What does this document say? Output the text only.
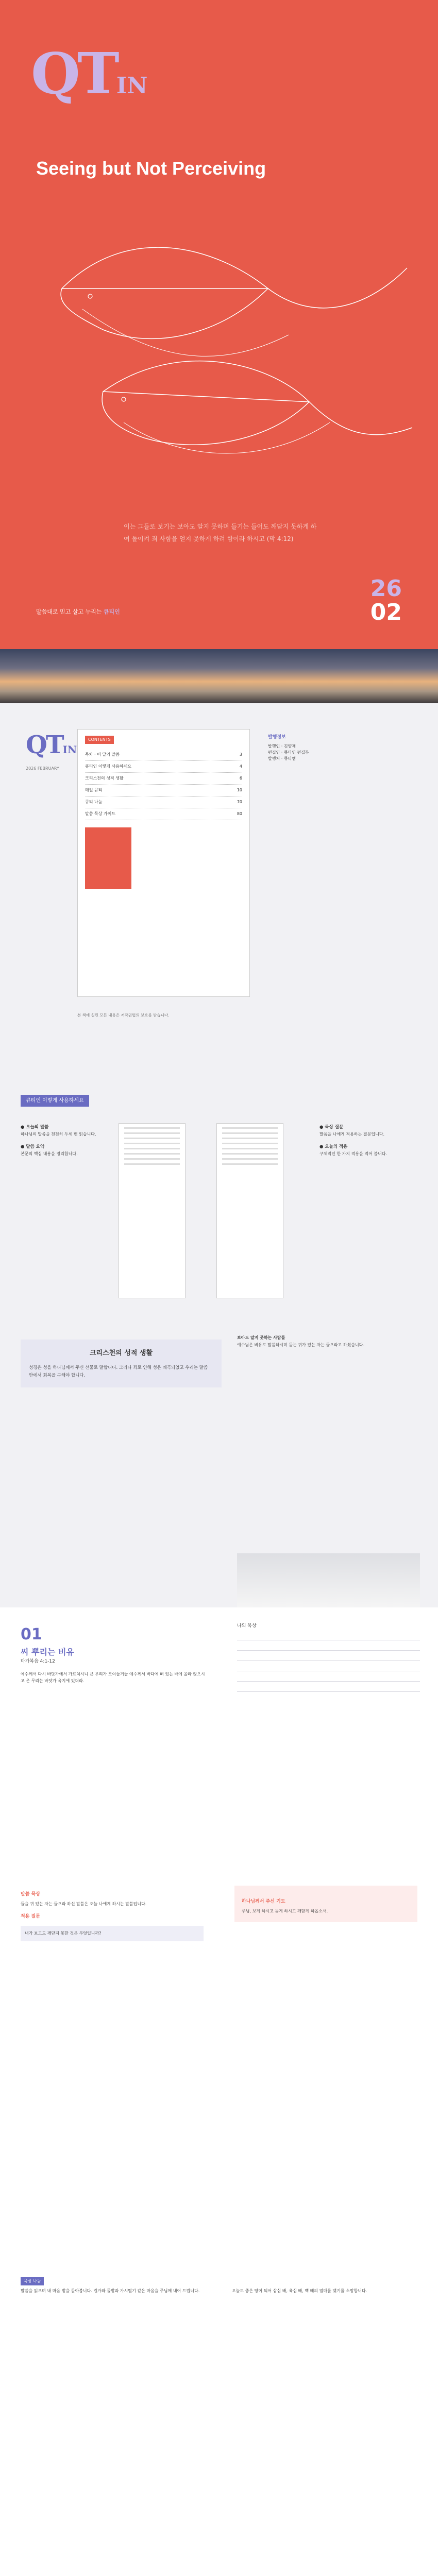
QTIN
Seeing but Not Perceiving
이는 그들로 보기는 보아도 알지 못하며 들기는 들어도 깨닫지 못하게 하여 돌이켜 죄 사함을 얻지 못하게 하려 함이라 하시고 (막 4:12)
26
02
말씀대로 믿고 살고 누리는 큐티인
QTIN
2026 FEBRUARY
CONTENTS
목차 · 이 달의 말씀	3
큐티인 이렇게 사용하세요	4
크리스천의 성적 생활	6
매일 큐티	10
큐티 나눔	70
말씀 묵상 가이드	80
발행정보
발행인 · 김양재
편집인 · 큐티인 편집부
발행처 · 큐티엠
본 책에 실린 모든 내용은 저작권법의 보호를 받습니다.
큐티인 이렇게 사용하세요
● 오늘의 말씀

하나님의 말씀을 천천히 두세 번 읽습니다.

● 말씀 요약

본문의 핵심 내용을 정리합니다.

● 묵상 질문

말씀을 나에게 적용하는 질문입니다.

● 오늘의 적용

구체적인 한 가지 적용을 적어 봅니다.

크리스천의 성적 생활

성경은 성을 하나님께서 주신 선물로 말합니다. 그러나 죄로 인해 성은 왜곡되었고 우리는 말씀 안에서 회복을 구해야 합니다.

보아도 알지 못하는 사람들

예수님은 비유로 말씀하시며 듣는 귀가 있는 자는 들으라고 하셨습니다.

01
씨 뿌리는 비유
마가복음 4:1-12
예수께서 다시 바닷가에서 가르치시니 큰 무리가 모여들거늘 예수께서 바다에 떠 있는 배에 올라 앉으시고 온 무리는 바닷가 육지에 있더라.
나의 묵상
말씀 묵상

들을 귀 있는 자는 들으라 하신 말씀은 오늘 나에게 하시는 말씀입니다.

적용 질문
내가 보고도 깨닫지 못한 것은 무엇입니까?
하나님께서 주신 기도

주님, 보게 하시고 듣게 하시고 깨닫게 하옵소서.

묵상 나눔
말씀을 읽으며 내 마음 밭을 돌아봅니다. 길가와 돌밭과 가시떨기 같은 마음을 주님께 내어 드립니다.	오늘도 좋은 땅이 되어 삼십 배, 육십 배, 백 배의 열매를 맺기를 소망합니다.
